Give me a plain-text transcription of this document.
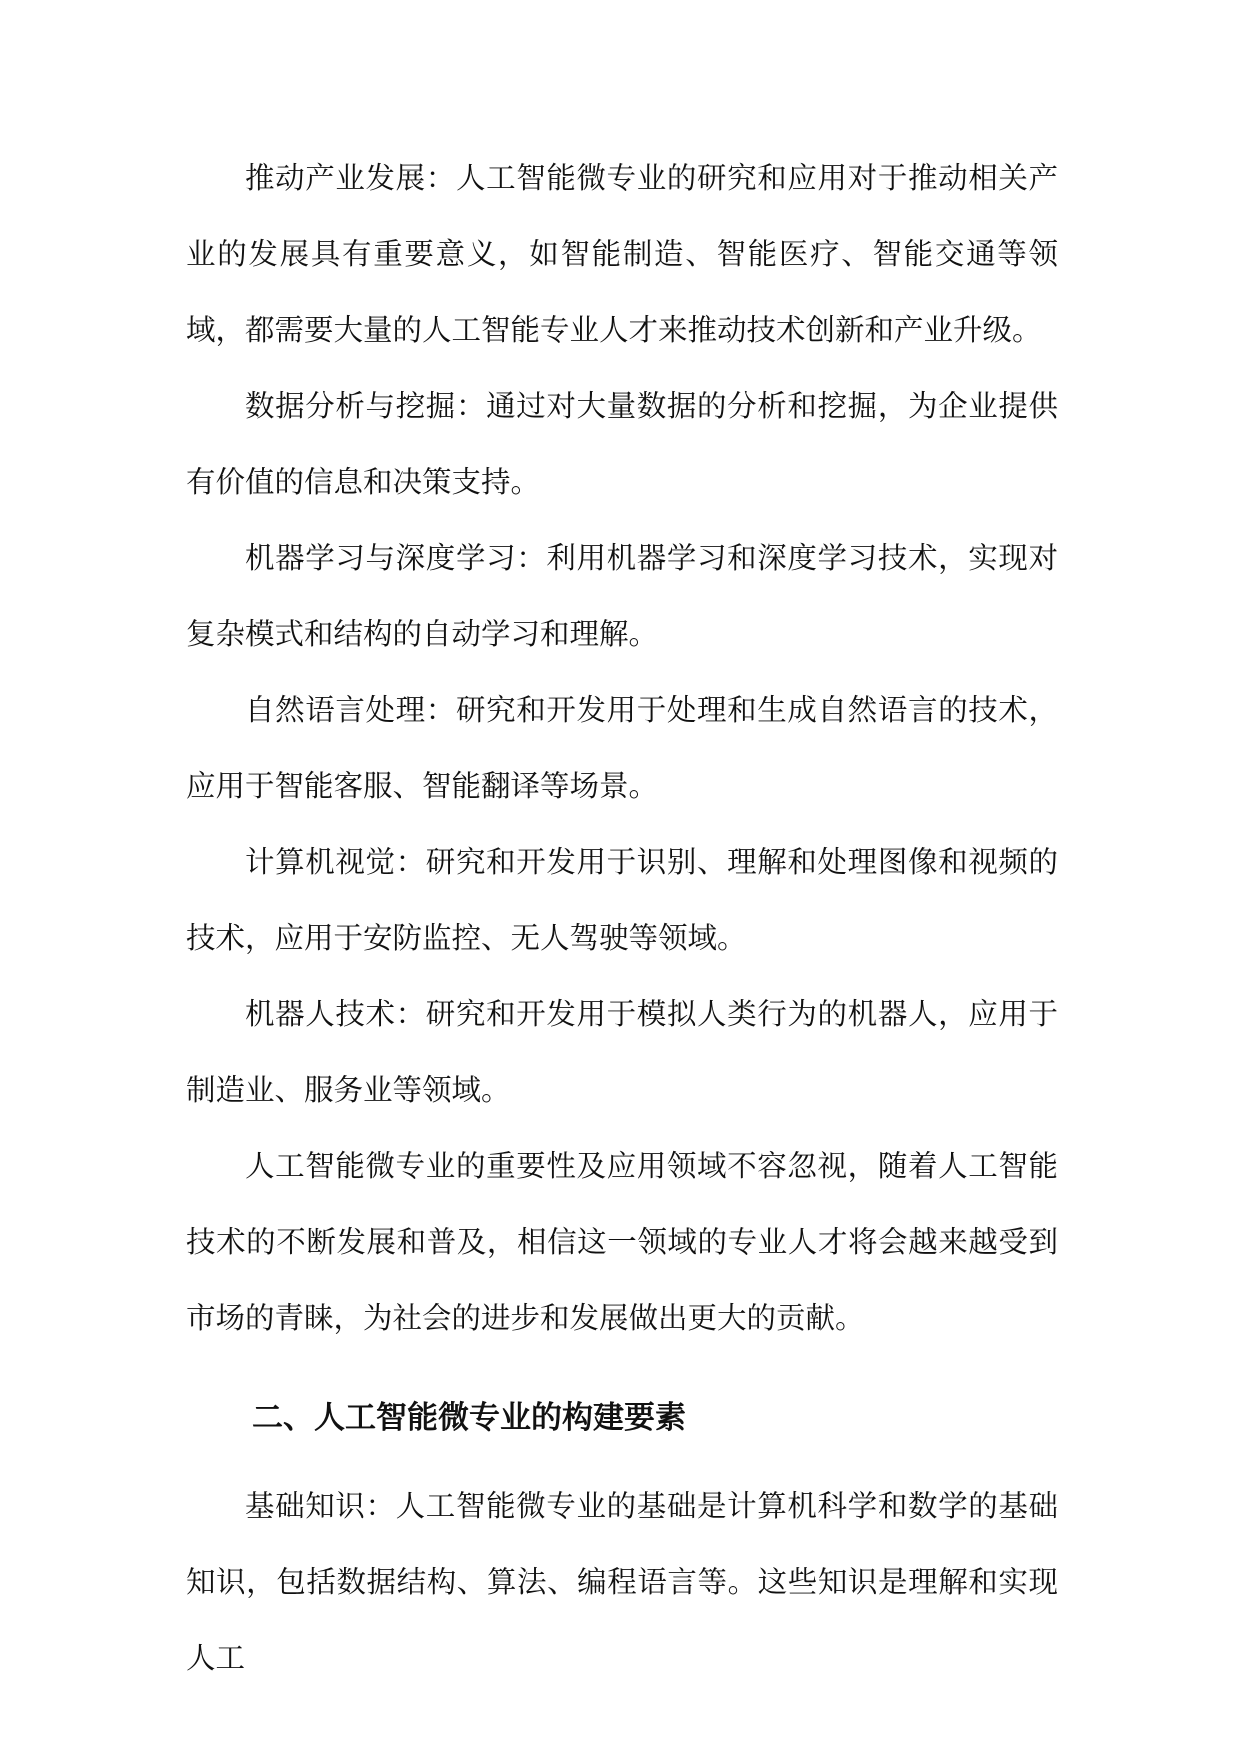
推动产业发展：人工智能微专业的研究和应用对于推动相关产业的发展具有重要意义，如智能制造、智能医疗、智能交通等领域，都需要大量的人工智能专业人才来推动技术创新和产业升级。

数据分析与挖掘：通过对大量数据的分析和挖掘，为企业提供有价值的信息和决策支持。

机器学习与深度学习：利用机器学习和深度学习技术，实现对复杂模式和结构的自动学习和理解。

自然语言处理：研究和开发用于处理和生成自然语言的技术，应用于智能客服、智能翻译等场景。

计算机视觉：研究和开发用于识别、理解和处理图像和视频的技术，应用于安防监控、无人驾驶等领域。

机器人技术：研究和开发用于模拟人类行为的机器人，应用于制造业、服务业等领域。

人工智能微专业的重要性及应用领域不容忽视，随着人工智能技术的不断发展和普及，相信这一领域的专业人才将会越来越受到市场的青睐，为社会的进步和发展做出更大的贡献。

二、人工智能微专业的构建要素

基础知识：人工智能微专业的基础是计算机科学和数学的基础知识，包括数据结构、算法、编程语言等。这些知识是理解和实现人工
